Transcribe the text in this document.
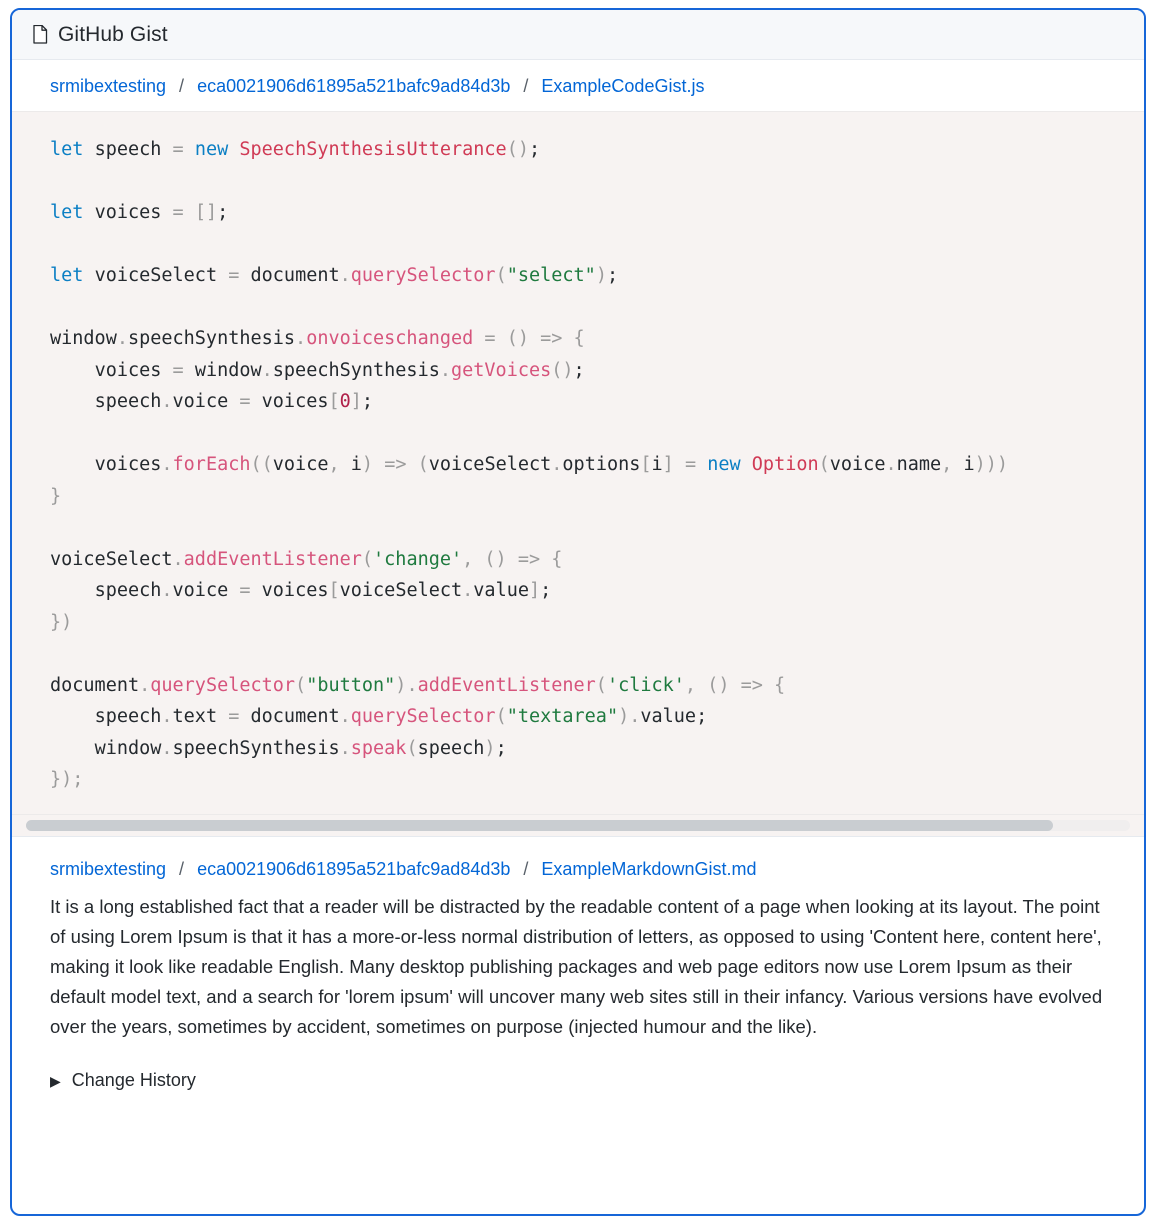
GitHub Gist
srmibextesting / eca0021906d61895a521bafc9ad84d3b / ExampleCodeGist.js
let speech = new SpeechSynthesisUtterance();

let voices = [];

let voiceSelect = document.querySelector("select");

window.speechSynthesis.onvoiceschanged = () => {
voices = window.speechSynthesis.getVoices();
speech.voice = voices[0];

voices.forEach((voice, i) => (voiceSelect.options[i] = new Option(voice.name, i)))
}

voiceSelect.addEventListener('change', () => {
speech.voice = voices[voiceSelect.value];
})

document.querySelector("button").addEventListener('click', () => {
speech.text = document.querySelector("textarea").value;
window.speechSynthesis.speak(speech);
});
srmibextesting / eca0021906d61895a521bafc9ad84d3b / ExampleMarkdownGist.md

It is a long established fact that a reader will be distracted by the readable content of a page when looking at its layout. The point of using Lorem Ipsum is that it has a more-or-less normal distribution of letters, as opposed to using 'Content here, content here', making it look like readable English. Many desktop publishing packages and web page editors now use Lorem Ipsum as their default model text, and a search for 'lorem ipsum' will uncover many web sites still in their infancy. Various versions have evolved over the years, sometimes by accident, sometimes on purpose (injected humour and the like).

▶ Change History
